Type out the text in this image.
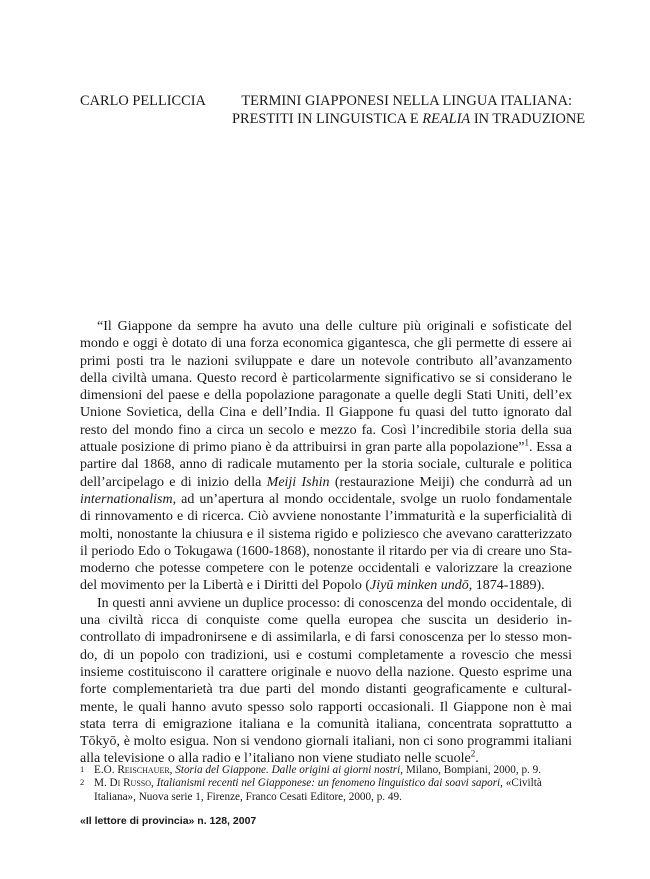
CARLO PELLICCIA	TERMINI GIAPPONESI NELLA LINGUA ITALIANA:
PRESTITI IN LINGUISTICA E REALIA IN TRADUZIONE

“Il Giappone da sempre ha avuto una delle culture più originali e sofisticate del mondo e oggi è dotato di una forza economica gigantesca, che gli permette di essere ai primi posti tra le nazioni sviluppate e dare un notevole contributo all’avanzamento della civiltà umana. Questo record è particolarmente significativo se si considerano le dimensioni del paese e della popolazione paragonate a quelle degli Stati Uniti, dell’ex Unione Sovietica, della Cina e dell’India. Il Giappone fu quasi del tutto ignorato dal resto del mondo fino a circa un secolo e mezzo fa. Così l’incredibile storia della sua attuale posizione di primo piano è da attribuirsi in gran parte alla popolazione”$^1$. Essa a partire dal 1868, anno di radicale mutamento per la storia sociale, culturale e politica dell’arcipelago e di inizio della Meiji Ishin (restaurazione Meiji) che condurrà ad un internationalism, ad un’apertura al mondo occidentale, svolge un ruolo fondamentale di rinnovamento e di ricerca. Ciò avviene nonostante l’immaturità e la superficialità di molti, nonostante la chiusura e il sistema rigido e poliziesco che avevano caratterizzato il periodo Edo o Tokugawa (1600-1868), nonostante il ritardo per via di creare uno Stamoderno che potesse competere con le potenze occidentali e valorizzare la creazione del movimento per la Libertà e i Diritti del Popolo (Jiyū minken undō, 1874-1889).

In questi anni avviene un duplice processo: di conoscenza del mondo occidentale, di una civiltà ricca di conquiste come quella europea che suscita un desiderio incontrollato di impadronirsene e di assimilarla, e di farsi conoscenza per lo stesso mondo, di un popolo con tradizioni, usi e costumi completamente a rovescio che messi insieme costituiscono il carattere originale e nuovo della nazione. Questo esprime una forte complementarietà tra due parti del mondo distanti geograficamente e culturalmente, le quali hanno avuto spesso solo rapporti occasionali. Il Giappone non è mai stata terra di emigrazione italiana e la comunità italiana, concentrata soprattutto a Tōkyō, è molto esigua. Non si vendono giornali italiani, non ci sono programmi italiani alla televisione o alla radio e l’italiano non viene studiato nelle scuole$^2$.

1 E.O. Reischauer, Storia del Giappone. Dalle origini ai giorni nostri, Milano, Bompiani, 2000, p. 9.
2 M. Di Russo, Italianismi recenti nel Giapponese: un fenomeno linguistico dai soavi sapori, «Civiltà Italiana», Nuova serie 1, Firenze, Franco Cesati Editore, 2000, p. 49.
«Il lettore di provincia» n. 128, 2007
